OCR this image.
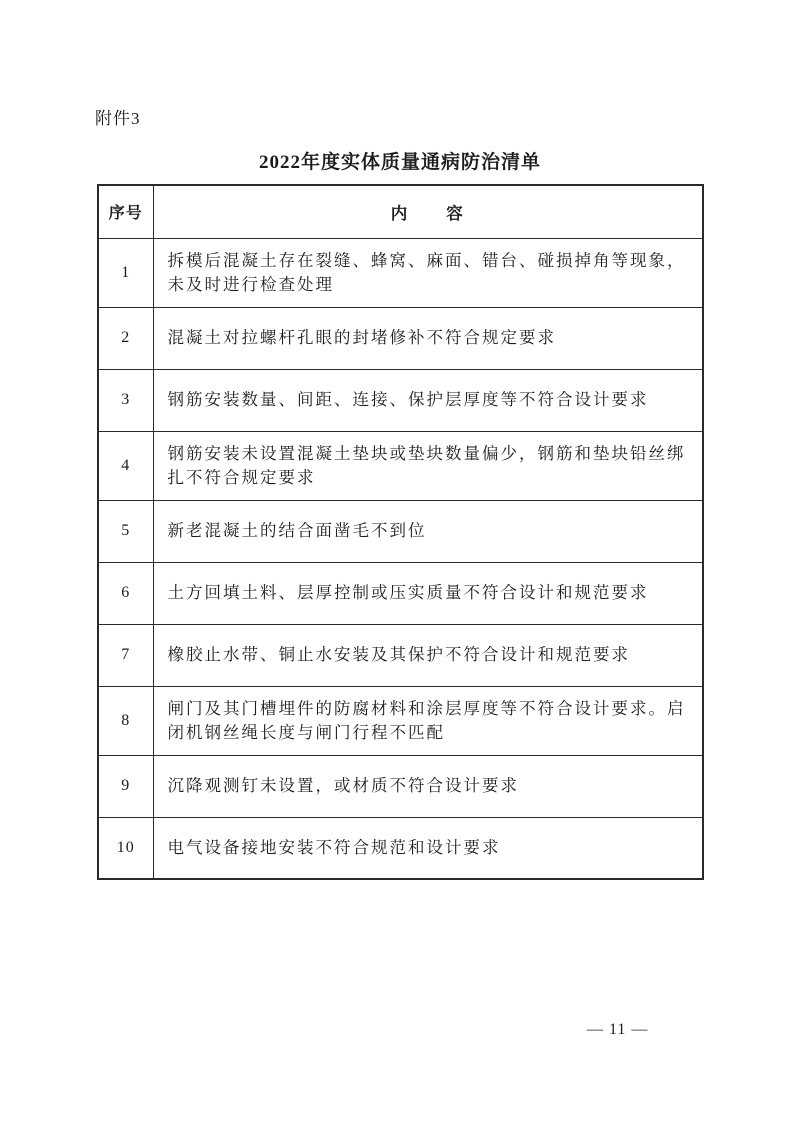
附件3
2022年度实体质量通病防治清单
序号	内　　容
1	拆模后混凝土存在裂缝、蜂窝、麻面、错台、碰损掉角等现象，未及时进行检查处理
2	混凝土对拉螺杆孔眼的封堵修补不符合规定要求
3	钢筋安装数量、间距、连接、保护层厚度等不符合设计要求
4	钢筋安装未设置混凝土垫块或垫块数量偏少，钢筋和垫块铅丝绑扎不符合规定要求
5	新老混凝土的结合面凿毛不到位
6	土方回填土料、层厚控制或压实质量不符合设计和规范要求
7	橡胶止水带、铜止水安装及其保护不符合设计和规范要求
8	闸门及其门槽埋件的防腐材料和涂层厚度等不符合设计要求。启闭机钢丝绳长度与闸门行程不匹配
9	沉降观测钉未设置，或材质不符合设计要求
10	电气设备接地安装不符合规范和设计要求
— 11 —
